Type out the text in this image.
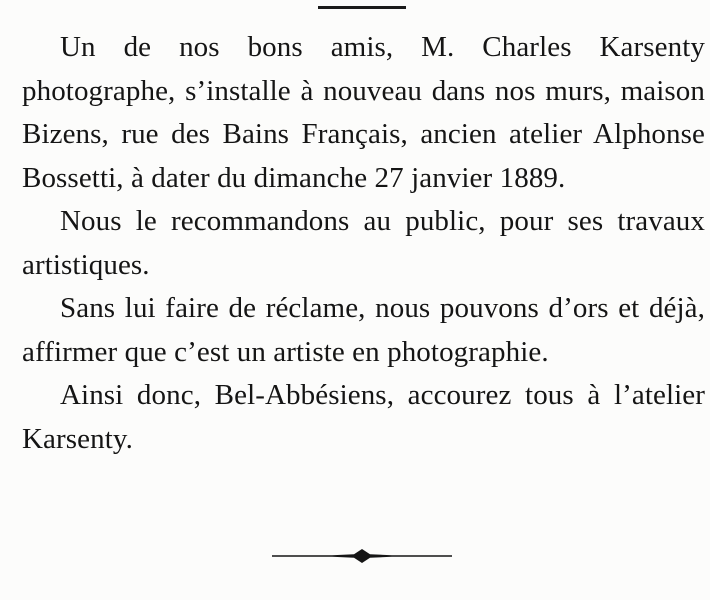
Un de nos bons amis, M. Charles Karsenty photographe, s’installe à nouveau dans nos murs, maison Bizens, rue des Bains Français, ancien atelier Alphonse Bossetti, à dater du dimanche 27 janvier 1889.

Nous le recommandons au public, pour ses travaux artistiques.

Sans lui faire de réclame, nous pouvons d’ors et déjà, affirmer que c’est un artiste en photographie.

Ainsi donc, Bel-Abbésiens, accourez tous à l’atelier Karsenty.
